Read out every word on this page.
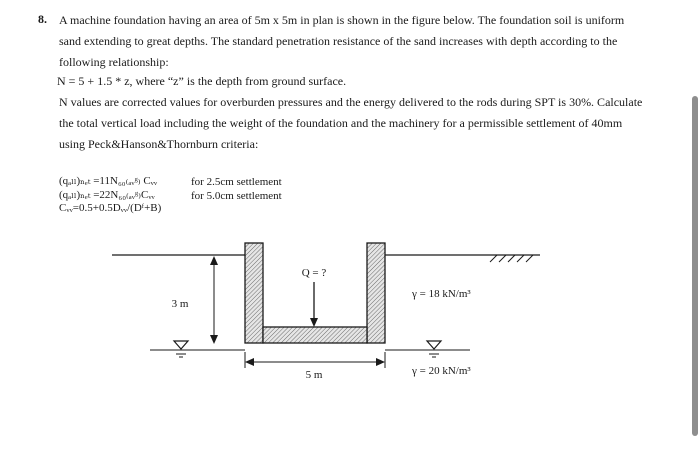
8. A machine foundation having an area of 5m x 5m in plan is shown in the figure below. The foundation soil is uniform
sand extending to great depths. The standard penetration resistance of the sand increases with depth according to the
following relationship:
N = 5 + 1.5 * z, where “z” is the depth from ground surface.
N values are corrected values for overburden pressures and the energy delivered to the rods during SPT is 30%. Calculate
the total vertical load including the weight of the foundation and the machinery for a permissible settlement of 40mm
using Peck&Hanson&Thornburn criteria:
(qₐₗₗ)ₙₑₜ =11N₆₀₍ₐᵥᵍ₎ Cᵥᵥ
(qₐₗₗ)ₙₑₜ =22N₆₀₍ₐᵥᵍ₎Cᵥᵥ
Cᵥᵥ=0.5+0.5Dᵥᵥ/(Dᶠ+B)
for 2.5cm settlement
for 5.0cm settlement
Q = ?
3 m
5 m
γ = 18 kN/m³
γ = 20 kN/m³
